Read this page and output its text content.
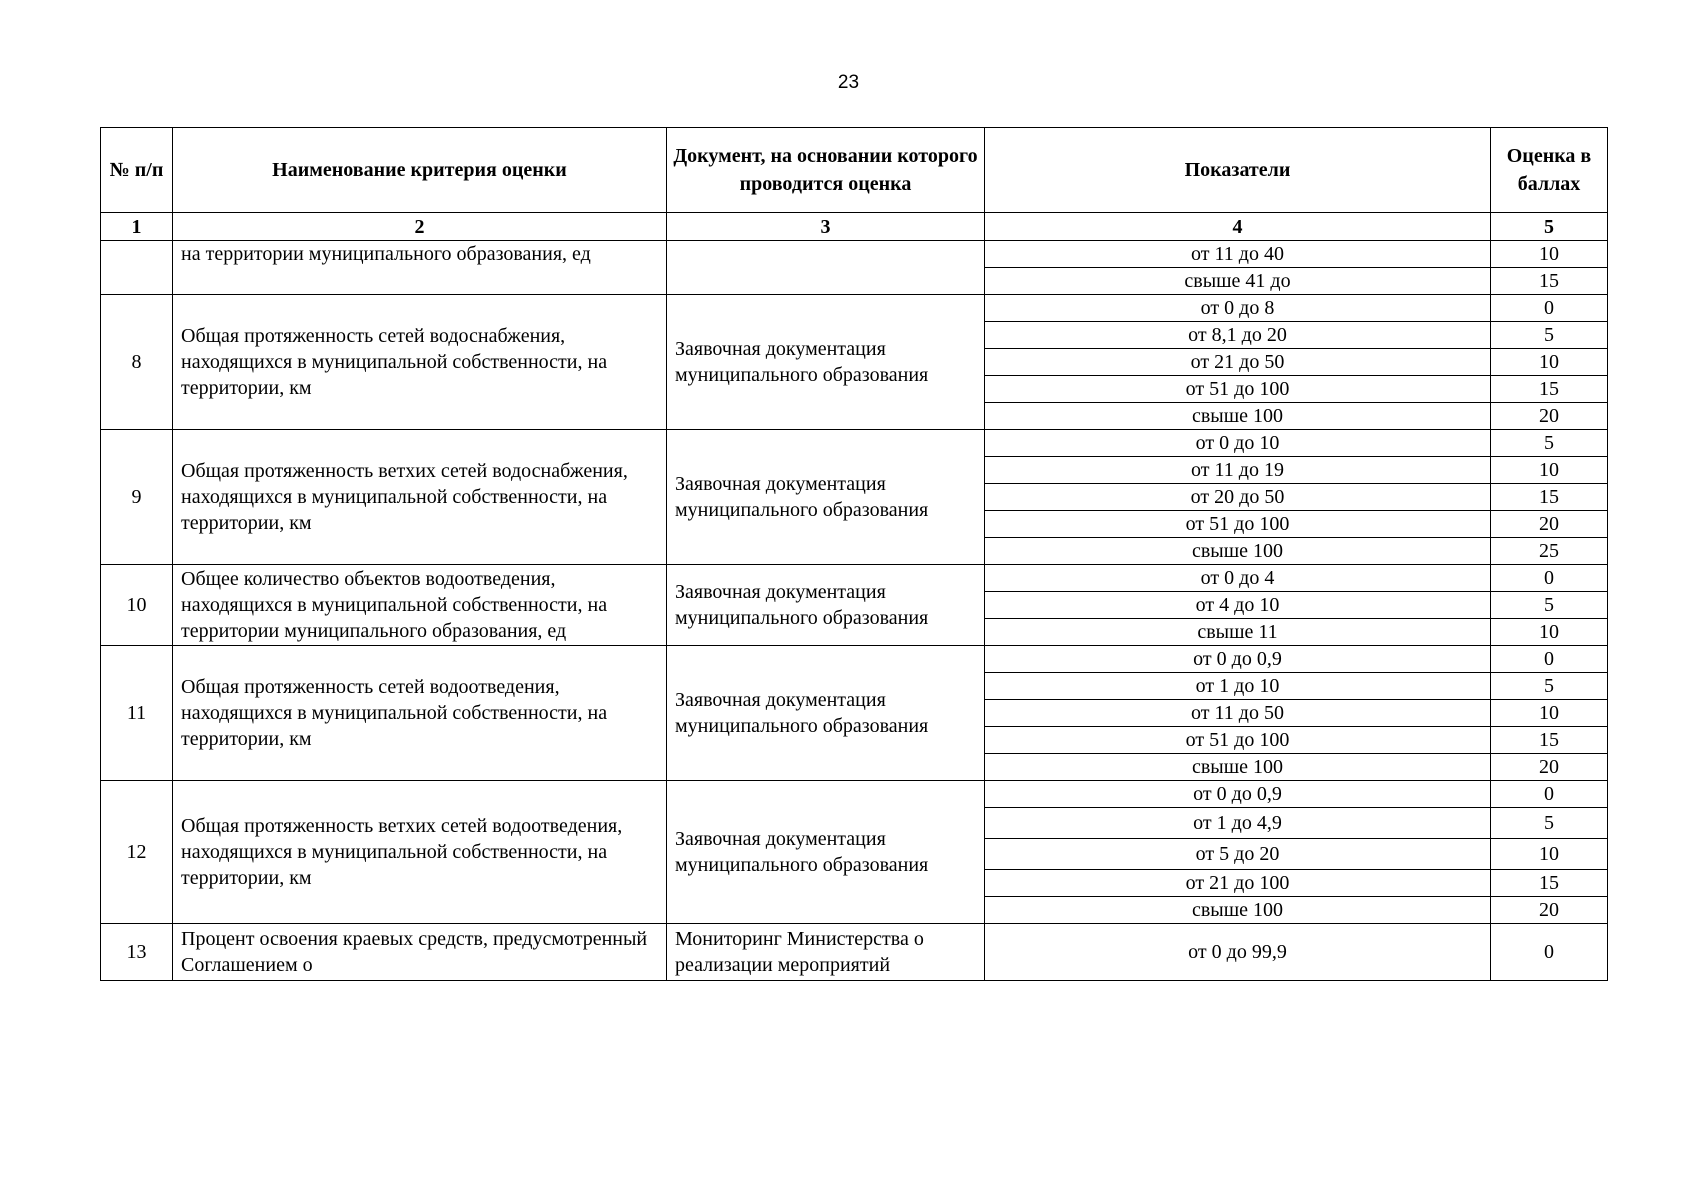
23
№ п/п	Наименование критерия оценки	Документ, на основании которого проводится оценка	Показатели	Оценка в баллах
1	2	3	4	5
	на территории муниципального образования, ед		от 11 до 40	10
			свыше 41 до	15
8	Общая протяженность сетей водоснабжения, находящихся в муниципальной собственности, на территории, км	Заявочная документация муниципального образования	от 0 до 8	0
			от 8,1 до 20	5
			от 21 до 50	10
			от 51 до 100	15
			свыше 100	20
9	Общая протяженность ветхих сетей водоснабжения, находящихся в муниципальной собственности, на территории, км	Заявочная документация муниципального образования	от 0 до 10	5
			от 11 до 19	10
			от 20 до 50	15
			от 51 до 100	20
			свыше 100	25
10	Общее количество объектов водоотведения, находящихся в муниципальной собственности, на территории муниципального образования, ед	Заявочная документация муниципального образования	от 0 до 4	0
			от 4 до 10	5
			свыше 11	10
11	Общая протяженность сетей водоотведения, находящихся в муниципальной собственности, на территории, км	Заявочная документация муниципального образования	от 0 до 0,9	0
			от 1 до 10	5
			от 11 до 50	10
			от 51 до 100	15
			свыше 100	20
12	Общая протяженность ветхих сетей водоотведения, находящихся в муниципальной собственности, на территории, км	Заявочная документация муниципального образования	от 0 до 0,9	0
			от 1 до 4,9	5
			от 5 до 20	10
			от 21 до 100	15
			свыше 100	20
13	Процент освоения краевых средств, предусмотренный Соглашением о	Мониторинг Министерства о реализации мероприятий	от 0 до 99,9	0
